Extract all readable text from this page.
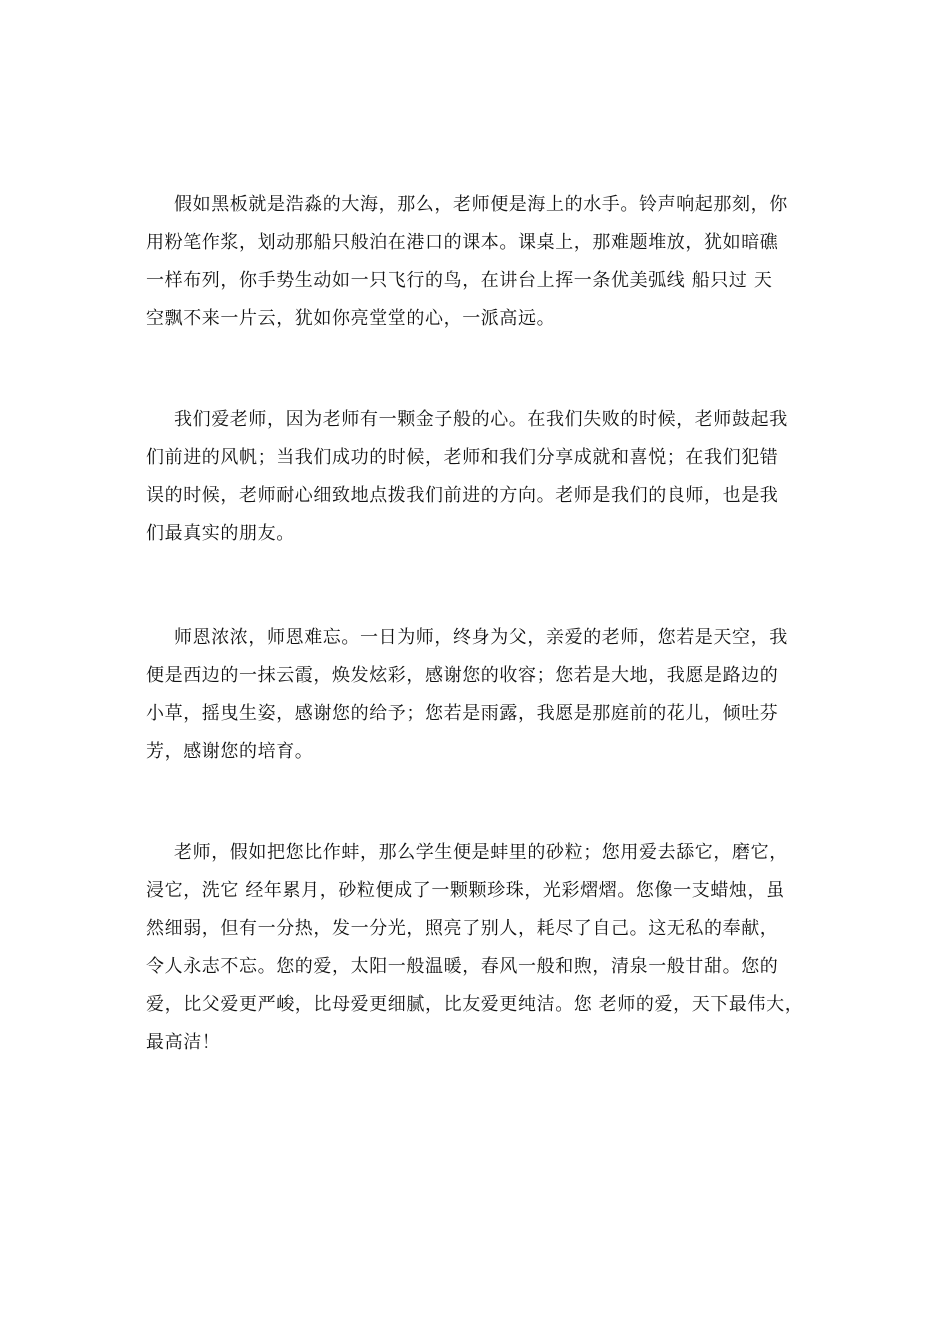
假如黑板就是浩淼的大海，那么，老师便是海上的水手。铃声响起那刻，你
用粉笔作浆，划动那船只般泊在港口的课本。课桌上，那难题堆放，犹如暗礁
一样布列，你手势生动如一只飞行的鸟，在讲台上挥一条优美弧线 船只过 天
空飘不来一片云，犹如你亮堂堂的心，一派高远。

我们爱老师，因为老师有一颗金子般的心。在我们失败的时候，老师鼓起我
们前进的风帆；当我们成功的时候，老师和我们分享成就和喜悦；在我们犯错
误的时候，老师耐心细致地点拨我们前进的方向。老师是我们的良师，也是我
们最真实的朋友。

师恩浓浓，师恩难忘。一日为师，终身为父，亲爱的老师，您若是天空，我
便是西边的一抹云霞，焕发炫彩，感谢您的收容；您若是大地，我愿是路边的
小草，摇曳生姿，感谢您的给予；您若是雨露，我愿是那庭前的花儿，倾吐芬
芳，感谢您的培育。

老师，假如把您比作蚌，那么学生便是蚌里的砂粒；您用爱去舔它，磨它，
浸它，洗它 经年累月，砂粒便成了一颗颗珍珠，光彩熠熠。您像一支蜡烛，虽
然细弱，但有一分热，发一分光，照亮了别人，耗尽了自己。这无私的奉献，
令人永志不忘。您的爱，太阳一般温暖，春风一般和煦，清泉一般甘甜。您的
爱，比父爱更严峻，比母爱更细腻，比友爱更纯洁。您 老师的爱，天下最伟大，
最高洁！
